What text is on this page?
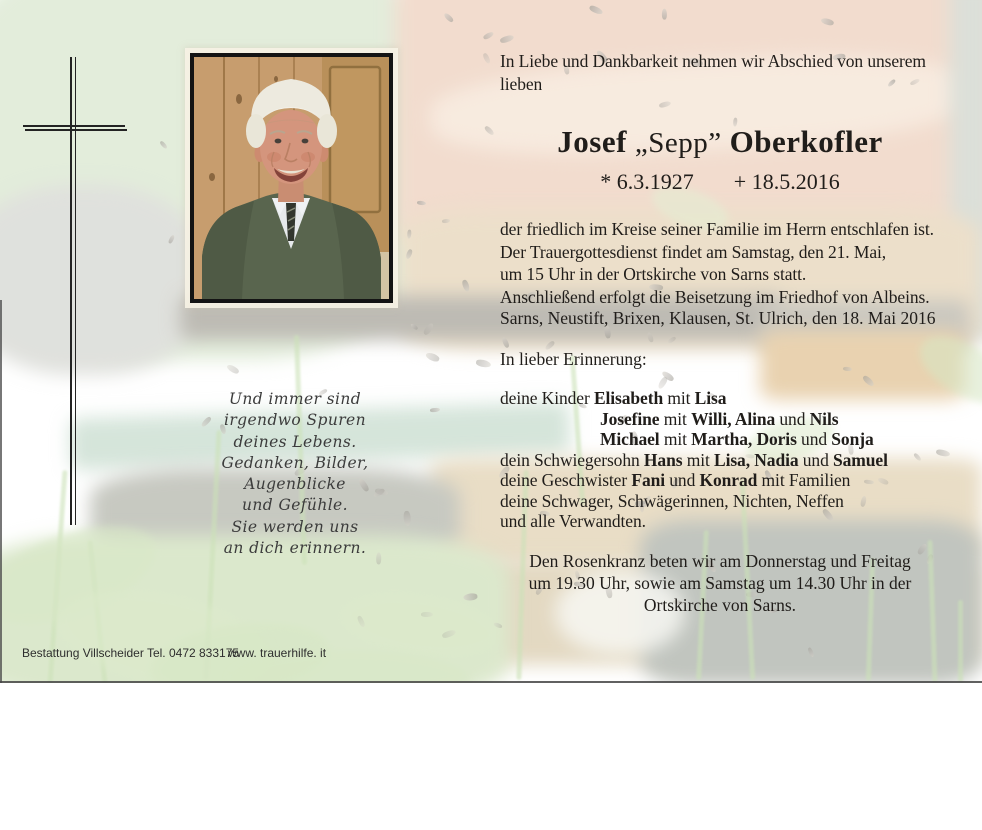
Und immer sind
irgendwo Spuren
deines Lebens.
Gedanken, Bilder,
Augenblicke
und Gefühle.
Sie werden uns
an dich erinnern.
In Liebe und Dankbarkeit nehmen wir Abschied von unserem
lieben
Josef „Sepp” Oberkofler
* 6.3.1927 + 18.5.2016
der friedlich im Kreise seiner Familie im Herrn entschlafen ist.
Der Trauergottesdienst findet am Samstag, den 21. Mai,
um 15 Uhr in der Ortskirche von Sarns statt.
Anschließend erfolgt die Beisetzung im Friedhof von Albeins.
Sarns, Neustift, Brixen, Klausen, St. Ulrich, den 18. Mai 2016
In lieber Erinnerung:
deine Kinder Elisabeth mit Lisa
Josefine mit Willi, Alina und Nils
Michael mit Martha, Doris und Sonja
dein Schwiegersohn Hans mit Lisa, Nadia und Samuel
deine Geschwister Fani und Konrad mit Familien
deine Schwager, Schwägerinnen, Nichten, Neffen
und alle Verwandten.
Den Rosenkranz beten wir am Donnerstag und Freitag
um 19.30 Uhr, sowie am Samstag um 14.30 Uhr in der
Ortskirche von Sarns.
Bestattung Villscheider Tel. 0472 833175
www. trauerhilfe. it
